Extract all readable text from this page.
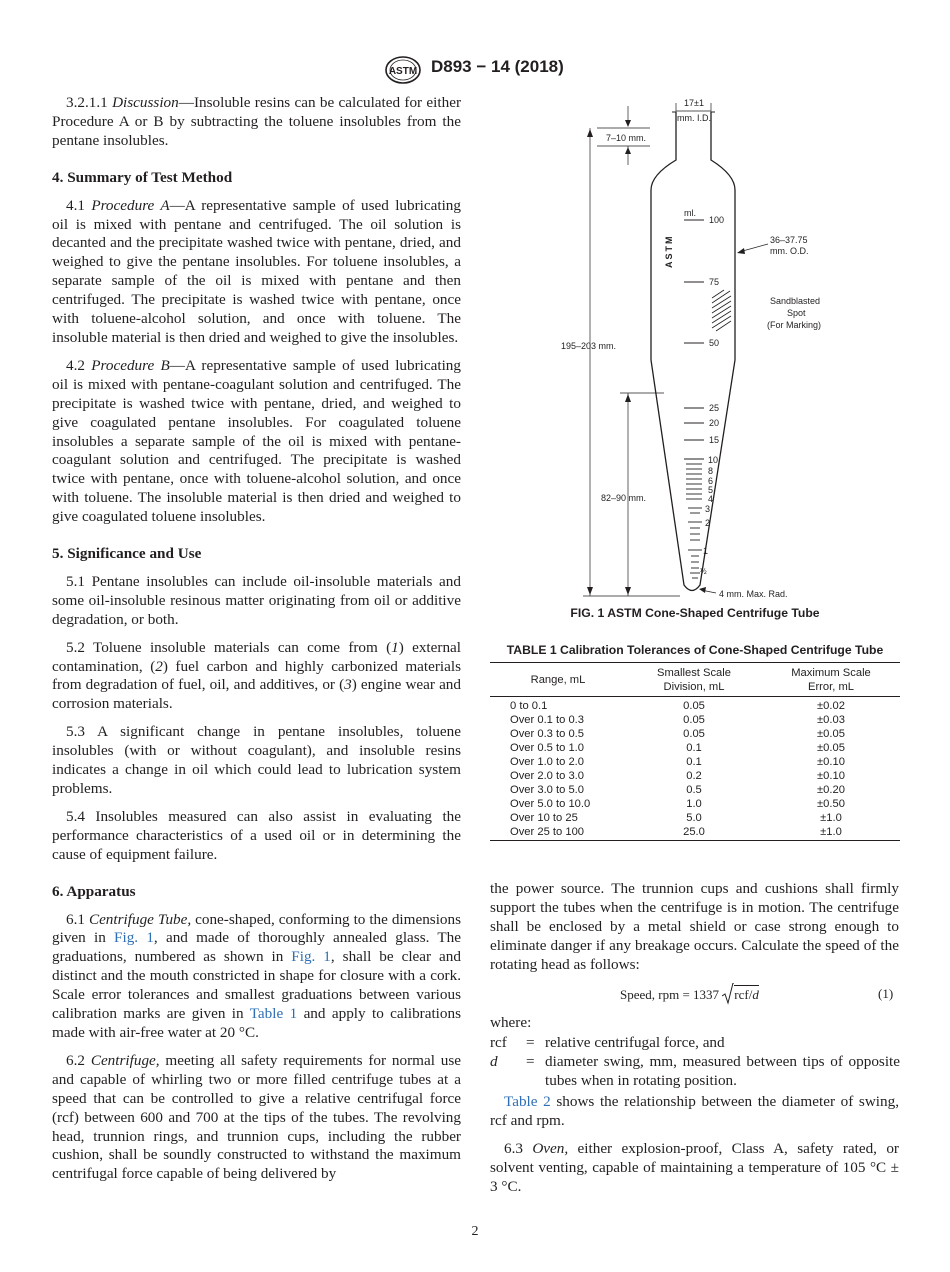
ASTM D893 − 14 (2018)

3.2.1.1 Discussion—Insoluble resins can be calculated for either Procedure A or B by subtracting the toluene insolubles from the pentane insolubles.

4. Summary of Test Method

4.1 Procedure A—A representative sample of used lubricating oil is mixed with pentane and centrifuged. The oil solution is decanted and the precipitate washed twice with pentane, dried, and weighed to give the pentane insolubles. For toluene insolubles, a separate sample of the oil is mixed with pentane and then centrifuged. The precipitate is washed twice with pentane, once with toluene-alcohol solution, and once with toluene. The insoluble material is then dried and weighed to give the insolubles.

4.2 Procedure B—A representative sample of used lubricating oil is mixed with pentane-coagulant solution and centrifuged. The precipitate is washed twice with pentane, dried, and weighed to give coagulated pentane insolubles. For coagulated toluene insolubles a separate sample of the oil is mixed with pentane-coagulant solution and centrifuged. The precipitate is washed twice with pentane, once with toluene-alcohol solution, and once with toluene. The insoluble material is then dried and weighed to give coagulated toluene insolubles.

5. Significance and Use

5.1 Pentane insolubles can include oil-insoluble materials and some oil-insoluble resinous matter originating from oil or additive degradation, or both.

5.2 Toluene insoluble materials can come from (1) external contamination, (2) fuel carbon and highly carbonized materials from degradation of fuel, oil, and additives, or (3) engine wear and corrosion materials.

5.3 A significant change in pentane insolubles, toluene insolubles (with or without coagulant), and insoluble resins indicates a change in oil which could lead to lubrication system problems.

5.4 Insolubles measured can also assist in evaluating the performance characteristics of a used oil or in determining the cause of equipment failure.

6. Apparatus

6.1 Centrifuge Tube, cone-shaped, conforming to the dimensions given in Fig. 1, and made of thoroughly annealed glass. The graduations, numbered as shown in Fig. 1, shall be clear and distinct and the mouth constricted in shape for closure with a cork. Scale error tolerances and smallest graduations between various calibration marks are given in Table 1 and apply to calibrations made with air-free water at 20 °C.

6.2 Centrifuge, meeting all safety requirements for normal use and capable of whirling two or more filled centrifuge tubes at a speed that can be controlled to give a relative centrifugal force (rcf) between 600 and 700 at the tips of the tubes. The revolving head, trunnion rings, and trunnion cups, including the rubber cushion, shall be soundly constructed to withstand the maximum centrifugal force capable of being delivered by

17±1
mm. I.D.
7–10 mm.
195–203 mm.
82–90 mm.
ASTM
ml.
100
75
50
25
20
15
10
8
6
5
4
3
2
1
½
36–37.75
mm. O.D.
Sandblasted
Spot
(For Marking)
4 mm. Max. Rad.
FIG. 1 ASTM Cone-Shaped Centrifuge Tube
TABLE 1 Calibration Tolerances of Cone-Shaped Centrifuge Tube
Range, mL	
Smallest Scale
Division, mL

Maximum Scale
Error, mL
0 to 0.1	0.05	±0.02
Over 0.1 to 0.3	0.05	±0.03
Over 0.3 to 0.5	0.05	±0.05
Over 0.5 to 1.0	0.1	±0.05
Over 1.0 to 2.0	0.1	±0.10
Over 2.0 to 3.0	0.2	±0.10
Over 3.0 to 5.0	0.5	±0.20
Over 5.0 to 10.0	1.0	±0.50
Over 10 to 25	5.0	±1.0
Over 25 to 100	25.0	±1.0

the power source. The trunnion cups and cushions shall firmly support the tubes when the centrifuge is in motion. The centrifuge shall be enclosed by a metal shield or case strong enough to eliminate danger if any breakage occurs. Calculate the speed of the rotating head as follows:

Speed, rpm = 1337 rcf/d	(1)
where:
rcf = relative centrifugal force, and
d = diameter swing, mm, measured between tips of opposite tubes when in rotating position.

Table 2 shows the relationship between the diameter of swing, rcf and rpm.

6.3 Oven, either explosion-proof, Class A, safety rated, or solvent venting, capable of maintaining a temperature of 105 °C ± 3 °C.

2
